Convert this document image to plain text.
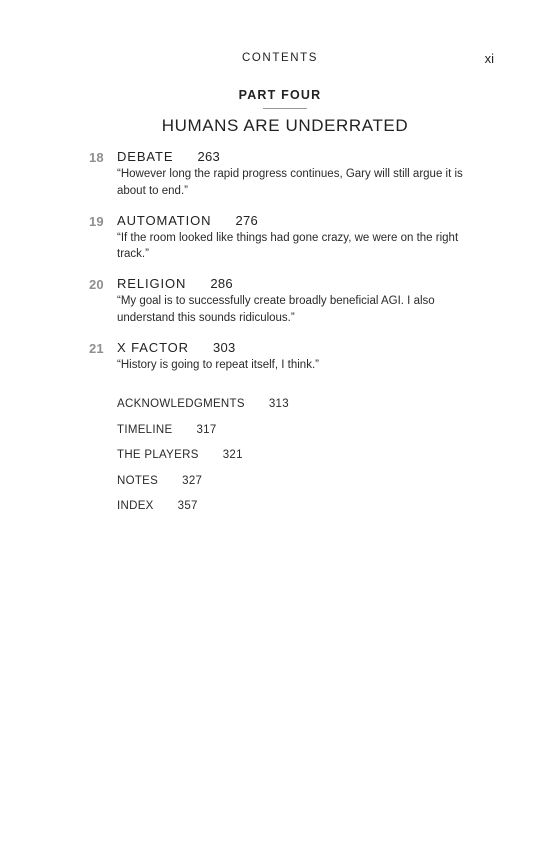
CONTENTS	xi
PART FOUR
HUMANS ARE UNDERRATED
18	DEBATE 263
“However long the rapid progress continues, Gary will still argue it is about to end.”
19	AUTOMATION 276
“If the room looked like things had gone crazy, we were on the right track.”
20	RELIGION 286
“My goal is to successfully create broadly beneficial AGI. I also understand this sounds ridiculous.”
21	X FACTOR 303
“History is going to repeat itself, I think.”
ACKNOWLEDGMENTS 313
TIMELINE 317
THE PLAYERS 321
NOTES 327
INDEX 357
